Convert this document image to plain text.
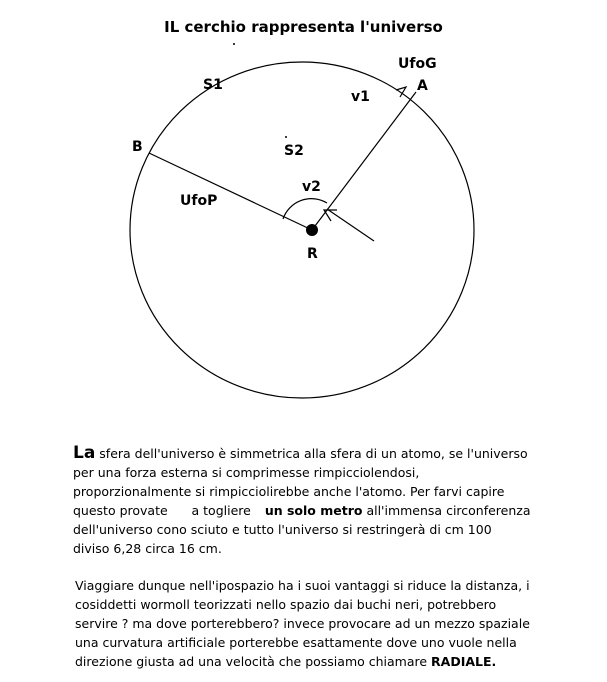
IL cerchio rappresenta l'universo
UfoG
A
S1
v1
B	S2
v2
UfoP
R
La sfera dell'universo è simmetrica alla sfera di un atomo, se l'universo
per una forza esterna si comprimesse rimpicciolendosi,
proporzionalmente si rimpicciolirebbe anche l'atomo. Per farvi capire
questo provate      a togliere un solo metro all'immensa circonferenza
dell'universo cono sciuto e tutto l'universo si restringerà di cm 100
diviso 6,28 circa 16 cm.
Viaggiare dunque nell'ipospazio ha i suoi vantaggi si riduce la distanza, i
cosiddetti wormoll teorizzati nello spazio dai buchi neri, potrebbero
servire ? ma dove porterebbero? invece provocare ad un mezzo spaziale
una curvatura artificiale porterebbe esattamente dove uno vuole nella
direzione giusta ad una velocità che possiamo chiamare RADIALE.
